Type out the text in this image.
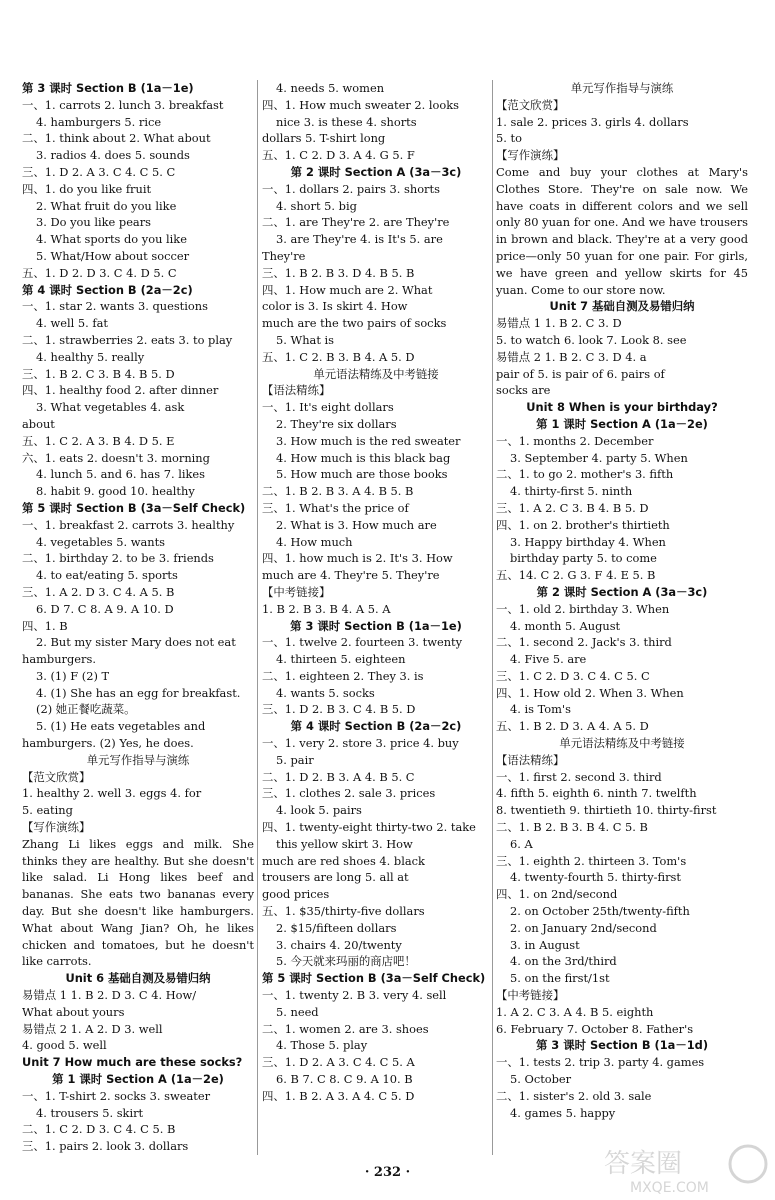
第 3 课时 Section B (1a－1e)
一、1. carrots 2. lunch 3. breakfast
4. hamburgers 5. rice
二、1. think about 2. What about
3. radios 4. does 5. sounds
三、1. D 2. A 3. C 4. C 5. C
四、1. do you like fruit
2. What fruit do you like
3. Do you like pears
4. What sports do you like
5. What/How about soccer
五、1. D 2. D 3. C 4. D 5. C
第 4 课时 Section B (2a－2c)
一、1. star 2. wants 3. questions
4. well 5. fat
二、1. strawberries 2. eats 3. to play
4. healthy 5. really
三、1. B 2. C 3. B 4. B 5. D
四、1. healthy food 2. after dinner
3. What vegetables 4. ask
about
五、1. C 2. A 3. B 4. D 5. E
六、1. eats 2. doesn't 3. morning
4. lunch 5. and 6. has 7. likes
8. habit 9. good 10. healthy
第 5 课时 Section B (3a－Self Check)
一、1. breakfast 2. carrots 3. healthy
4. vegetables 5. wants
二、1. birthday 2. to be 3. friends
4. to eat/eating 5. sports
三、1. A 2. D 3. C 4. A 5. B
6. D 7. C 8. A 9. A 10. D
四、1. B
2. But my sister Mary does not eat
hamburgers.
3. (1) F (2) T
4. (1) She has an egg for breakfast.
(2) 她正餐吃蔬菜。
5. (1) He eats vegetables and
hamburgers. (2) Yes, he does.
单元写作指导与演练
【范文欣赏】
1. healthy 2. well 3. eggs 4. for
5. eating
【写作演练】
Zhang Li likes eggs and milk. She thinks they are healthy. But she doesn't like salad. Li Hong likes beef and bananas. She eats two bananas every day. But she doesn't like hamburgers. What about Wang Jian? Oh, he likes chicken and tomatoes, but he doesn't like carrots.
Unit 6 基础自测及易错归纳
易错点 1 1. B 2. D 3. C 4. How/
What about yours
易错点 2 1. A 2. D 3. well
4. good 5. well
Unit 7 How much are these socks?
第 1 课时 Section A (1a－2e)
一、1. T-shirt 2. socks 3. sweater
4. trousers 5. skirt
二、1. C 2. D 3. C 4. C 5. B
三、1. pairs 2. look 3. dollars
4. needs 5. women
四、1. How much sweater 2. looks
nice 3. is these 4. shorts
dollars 5. T-shirt long
五、1. C 2. D 3. A 4. G 5. F
第 2 课时 Section A (3a－3c)
一、1. dollars 2. pairs 3. shorts
4. short 5. big
二、1. are They're 2. are They're
3. are They're 4. is It's 5. are
They're
三、1. B 2. B 3. D 4. B 5. B
四、1. How much are 2. What
color is 3. Is skirt 4. How
much are the two pairs of socks
5. What is
五、1. C 2. B 3. B 4. A 5. D
单元语法精练及中考链接
【语法精练】
一、1. It's eight dollars
2. They're six dollars
3. How much is the red sweater
4. How much is this black bag
5. How much are those books
二、1. B 2. B 3. A 4. B 5. B
三、1. What's the price of
2. What is 3. How much are
4. How much
四、1. how much is 2. It's 3. How
much are 4. They're 5. They're
【中考链接】
1. B 2. B 3. B 4. A 5. A
第 3 课时 Section B (1a－1e)
一、1. twelve 2. fourteen 3. twenty
4. thirteen 5. eighteen
二、1. eighteen 2. They 3. is
4. wants 5. socks
三、1. D 2. B 3. C 4. B 5. D
第 4 课时 Section B (2a－2c)
一、1. very 2. store 3. price 4. buy
5. pair
二、1. D 2. B 3. A 4. B 5. C
三、1. clothes 2. sale 3. prices
4. look 5. pairs
四、1. twenty-eight thirty-two 2. take
this yellow skirt 3. How
much are red shoes 4. black
trousers are long 5. all at
good prices
五、1. $35/thirty-five dollars
2. $15/fifteen dollars
3. chairs 4. 20/twenty
5. 今天就来玛丽的商店吧！
第 5 课时 Section B (3a－Self Check)
一、1. twenty 2. B 3. very 4. sell
5. need
二、1. women 2. are 3. shoes
4. Those 5. play
三、1. D 2. A 3. C 4. C 5. A
6. B 7. C 8. C 9. A 10. B
四、1. B 2. A 3. A 4. C 5. D
单元写作指导与演练
【范文欣赏】
1. sale 2. prices 3. girls 4. dollars
5. to
【写作演练】
Come and buy your clothes at Mary's Clothes Store. They're on sale now. We have coats in different colors and we sell only 80 yuan for one. And we have trousers in brown and black. They're at a very good price—only 50 yuan for one pair. For girls, we have green and yellow skirts for 45 yuan. Come to our store now.
Unit 7 基础自测及易错归纳
易错点 1 1. B 2. C 3. D
5. to watch 6. look 7. Look 8. see
易错点 2 1. B 2. C 3. D 4. a
pair of 5. is pair of 6. pairs of
socks are
Unit 8 When is your birthday?
第 1 课时 Section A (1a－2e)
一、1. months 2. December
3. September 4. party 5. When
二、1. to go 2. mother's 3. fifth
4. thirty-first 5. ninth
三、1. A 2. C 3. B 4. B 5. D
四、1. on 2. brother's thirtieth
3. Happy birthday 4. When
birthday party 5. to come
五、14. C 2. G 3. F 4. E 5. B
第 2 课时 Section A (3a－3c)
一、1. old 2. birthday 3. When
4. month 5. August
二、1. second 2. Jack's 3. third
4. Five 5. are
三、1. C 2. D 3. C 4. C 5. C
四、1. How old 2. When 3. When
4. is Tom's
五、1. B 2. D 3. A 4. A 5. D
单元语法精练及中考链接
【语法精练】
一、1. first 2. second 3. third
4. fifth 5. eighth 6. ninth 7. twelfth
8. twentieth 9. thirtieth 10. thirty-first
二、1. B 2. B 3. B 4. C 5. B
6. A
三、1. eighth 2. thirteen 3. Tom's
4. twenty-fourth 5. thirty-first
四、1. on 2nd/second
2. on October 25th/twenty-fifth
2. on January 2nd/second
3. in August
4. on the 3rd/third
5. on the first/1st
【中考链接】
1. A 2. C 3. A 4. B 5. eighth
6. February 7. October 8. Father's
第 3 课时 Section B (1a－1d)
一、1. tests 2. trip 3. party 4. games
5. October
二、1. sister's 2. old 3. sale
4. games 5. happy
· 232 ·	答案圈
MXQE.COM
